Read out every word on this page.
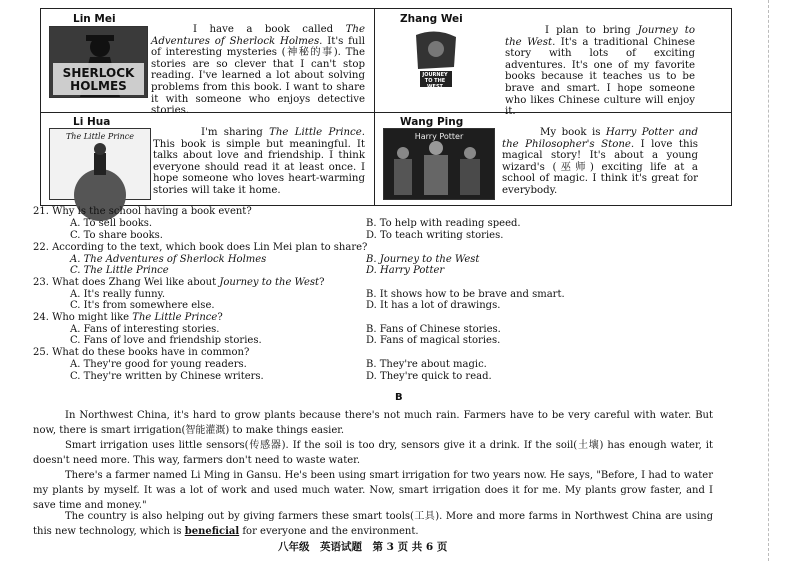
Lin Mei
SHERLOCK HOLMES
I have a book called The Adventures of Sherlock Holmes. It's full of interesting mysteries (神秘的事). The stories are so clever that I can't stop reading. I've learned a lot about solving problems from this book. I want to share it with someone who enjoys detective stories.
Zhang Wei
JOURNEY TO THE WEST
I plan to bring Journey to the West. It's a traditional Chinese story with lots of exciting adventures. It's one of my favorite books because it teaches us to be brave and smart. I hope someone who likes Chinese culture will enjoy it.
Li Hua
The Little Prince	I'm sharing The Little Prince. This book is simple but meaningful. It talks about love and friendship. I think everyone should read it at least once. I hope someone who loves heart-warming stories will take it home.
Wang Ping
Harry Potter	My book is Harry Potter and the Philosopher's Stone. I love this magical story! It's about a young wizard's (巫师) exciting life at a school of magic. I think it's great for everybody.
21. Why is the school having a book event?
A. To sell books.	B. To help with reading speed.
C. To share books.	D. To teach writing stories.
22. According to the text, which book does Lin Mei plan to share?
A. The Adventures of Sherlock Holmes	B. Journey to the West
C. The Little Prince	D. Harry Potter
23. What does Zhang Wei like about Journey to the West?
A. It's really funny.	B. It shows how to be brave and smart.
C. It's from somewhere else.	D. It has a lot of drawings.
24. Who might like The Little Prince?
A. Fans of interesting stories.	B. Fans of Chinese stories.
C. Fans of love and friendship stories.	D. Fans of magical stories.
25. What do these books have in common?
A. They're good for young readers.	B. They're about magic.
C. They're written by Chinese writers.	D. They're quick to read.
B
In Northwest China, it's hard to grow plants because there's not much rain. Farmers have to be very careful with water. But now, there is smart irrigation(智能灌溉) to make things easier.
Smart irrigation uses little sensors(传感器). If the soil is too dry, sensors give it a drink. If the soil(土壤) has enough water, it doesn't need more. This way, farmers don't need to waste water.
There's a farmer named Li Ming in Gansu. He's been using smart irrigation for two years now. He says, "Before, I had to water my plants by myself. It was a lot of work and used much water. Now, smart irrigation does it for me. My plants grow faster, and I save time and money."
The country is also helping out by giving farmers these smart tools(工具). More and more farms in Northwest China are using this new technology, which is beneficial for everyone and the environment.
八年级　英语试题　第 3 页 共 6 页
